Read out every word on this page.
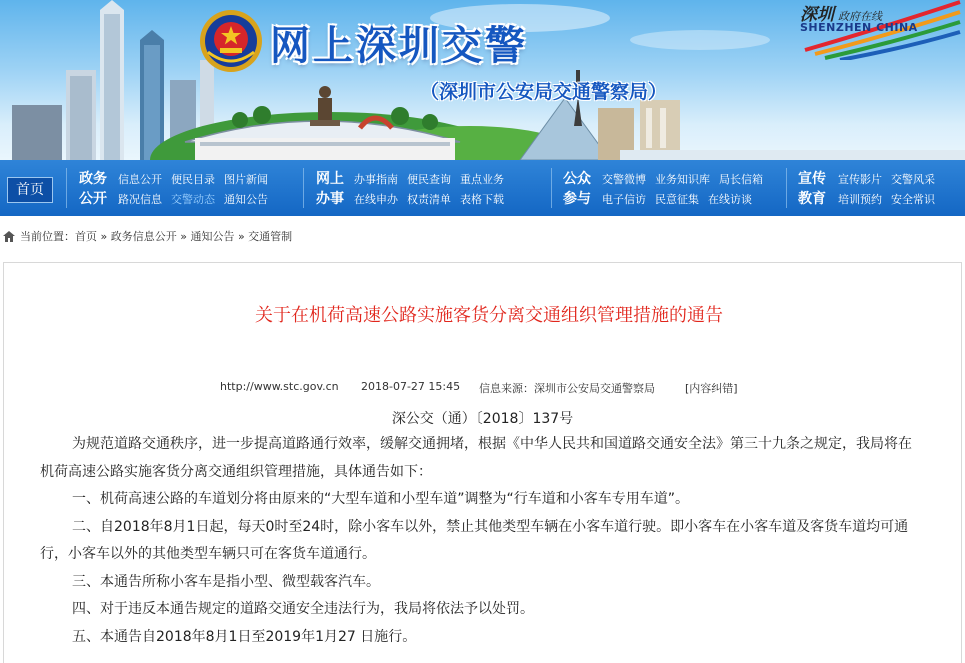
网上深圳交警
（深圳市公安局交通警察局）
深圳 政府在线
SHENZHEN CHINA
首页
政务
公开
信息公开 便民目录 图片新闻
路况信息 交警动态 通知公告
网上
办事
办事指南 便民查询 重点业务
在线申办 权责清单 表格下载
公众
参与
交警微博 业务知识库 局长信箱
电子信访 民意征集 在线访谈
宣传
教育
宣传影片 交警风采
培训预约 安全常识
当前位置：首页 » 政务信息公开 » 通知公告 » 交通管制
关于在机荷高速公路实施客货分离交通组织管理措施的通告
http://www.stc.gov.cn 2018-07-27 15:45 信息来源：深圳市公安局交通警察局	[内容纠错]
深公交（通）〔2018〕137号

为规范道路交通秩序，进一步提高道路通行效率，缓解交通拥堵，根据《中华人民共和国道路交通安全法》第三十九条之规定，我局将在机荷高速公路实施客货分离交通组织管理措施，具体通告如下：

一、机荷高速公路的车道划分将由原来的“大型车道和小型车道”调整为“行车道和小客车专用车道”。

二、自2018年8月1日起，每天0时至24时，除小客车以外，禁止其他类型车辆在小客车道行驶。即小客车在小客车道及客货车道均可通行，小客车以外的其他类型车辆只可在客货车道通行。

三、本通告所称小客车是指小型、微型载客汽车。

四、对于违反本通告规定的道路交通安全违法行为，我局将依法予以处罚。

五、本通告自2018年8月1日至2019年1月27 日施行。
